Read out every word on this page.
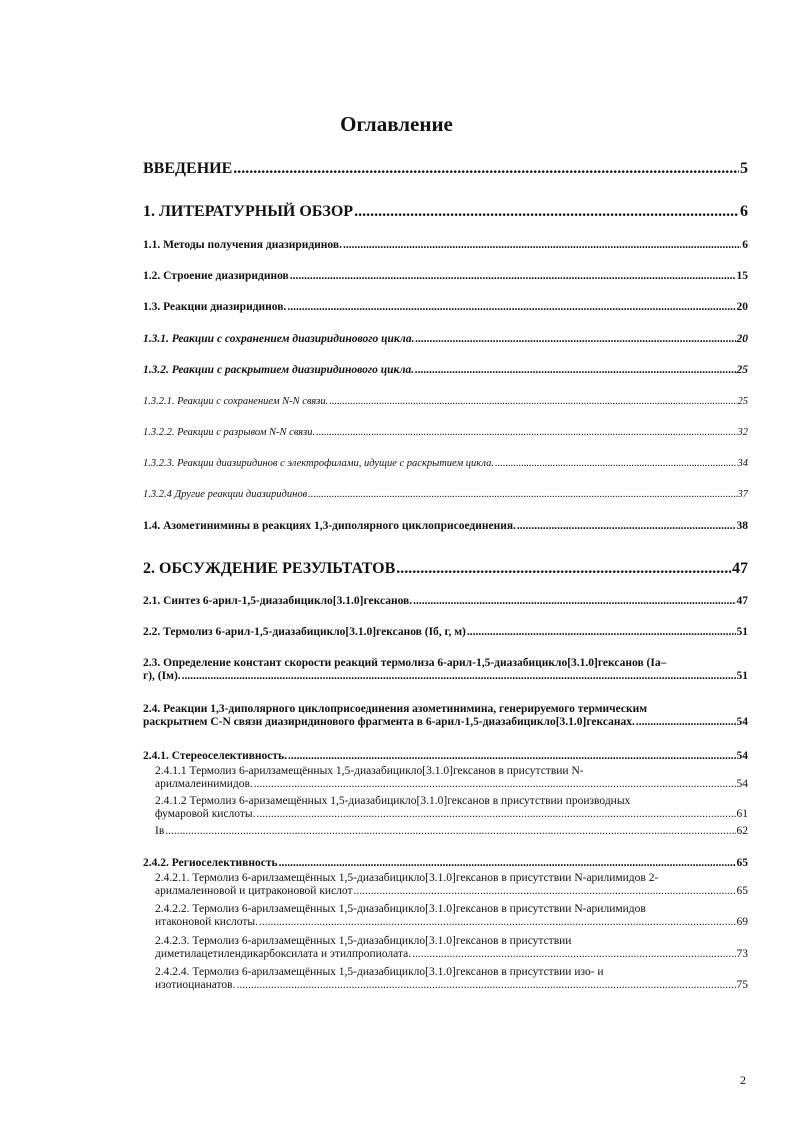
Оглавление
ВВЕДЕНИЕ .....	5
1. ЛИТЕРАТУРНЫЙ ОБЗОР .....	6
1.1. Методы получения диазиридинов. .....	6
1.2. Строение диазиридинов .....	15
1.3. Реакции диазиридинов. .....	20
1.3.1. Реакции с сохранением диазиридинового цикла. .....	20
1.3.2. Реакции с раскрытием диазиридинового цикла. .....	25
1.3.2.1. Реакции с сохранением N-N связи. .....	25
1.3.2.2. Реакции с разрывом N-N связи. .....	32
1.3.2.3. Реакции диазиридинов с электрофилами, идущие с раскрытием цикла. .....	34
1.3.2.4 Другие реакции диазиридинов .....	37
1.4. Азометинимины в реакциях 1,3-диполярного циклоприсоединения. .....	38
2. ОБСУЖДЕНИЕ РЕЗУЛЬТАТОВ .....	47
2.1. Синтез 6-арил-1,5-диазабицикло[3.1.0]гексанов. .....	47
2.2. Термолиз 6-арил-1,5-диазабицикло[3.1.0]гексанов (Iб, г, м) .....	51
2.3. Определение констант скорости реакций термолиза 6-арил-1,5-диазабицикло[3.1.0]гексанов (Iа–
г), (Iм). .....	51
2.4. Реакции 1,3-диполярного циклоприсоединения азометинимина, генерируемого термическим
раскрытием C-N связи диазиридинового фрагмента в 6-арил-1,5-диазабицикло[3.1.0]гексанах. .....	54
2.4.1. Стереоселективность. .....	54
2.4.1.1 Термолиз 6-арилзамещённых 1,5-диазабицикло[3.1.0]гексанов в присутствии N-
арилмалеинимидов. .....	54
2.4.1.2 Термолиз 6-аризамещённых 1,5-диазабицикло[3.1.0]гексанов в присутствии производных
фумаровой кислоты. .....	61
Iв .....	62
2.4.2. Региоселективность .....	65
2.4.2.1. Термолиз 6-арилзамещённых 1,5-диазабицикло[3.1.0]гексанов в присутствии N-арилимидов 2-
арилмалеиновой и цитраконовой кислот .....	65
2.4.2.2. Термолиз 6-арилзамещённых 1,5-диазабицикло[3.1.0]гексанов в присутствии N-арилимидов
итаконовой кислоты. .....	69
2.4.2.3. Термолиз 6-арилзамещённых 1,5-диазабицикло[3.1.0]гексанов в присутствии
диметилацетилендикарбоксилата и этилпропиолата. .....	73
2.4.2.4. Термолиз 6-арилзамещённых 1,5-диазабицикло[3.1.0]гексанов в присутствии изо- и
изотиоцианатов. .....	75
2
